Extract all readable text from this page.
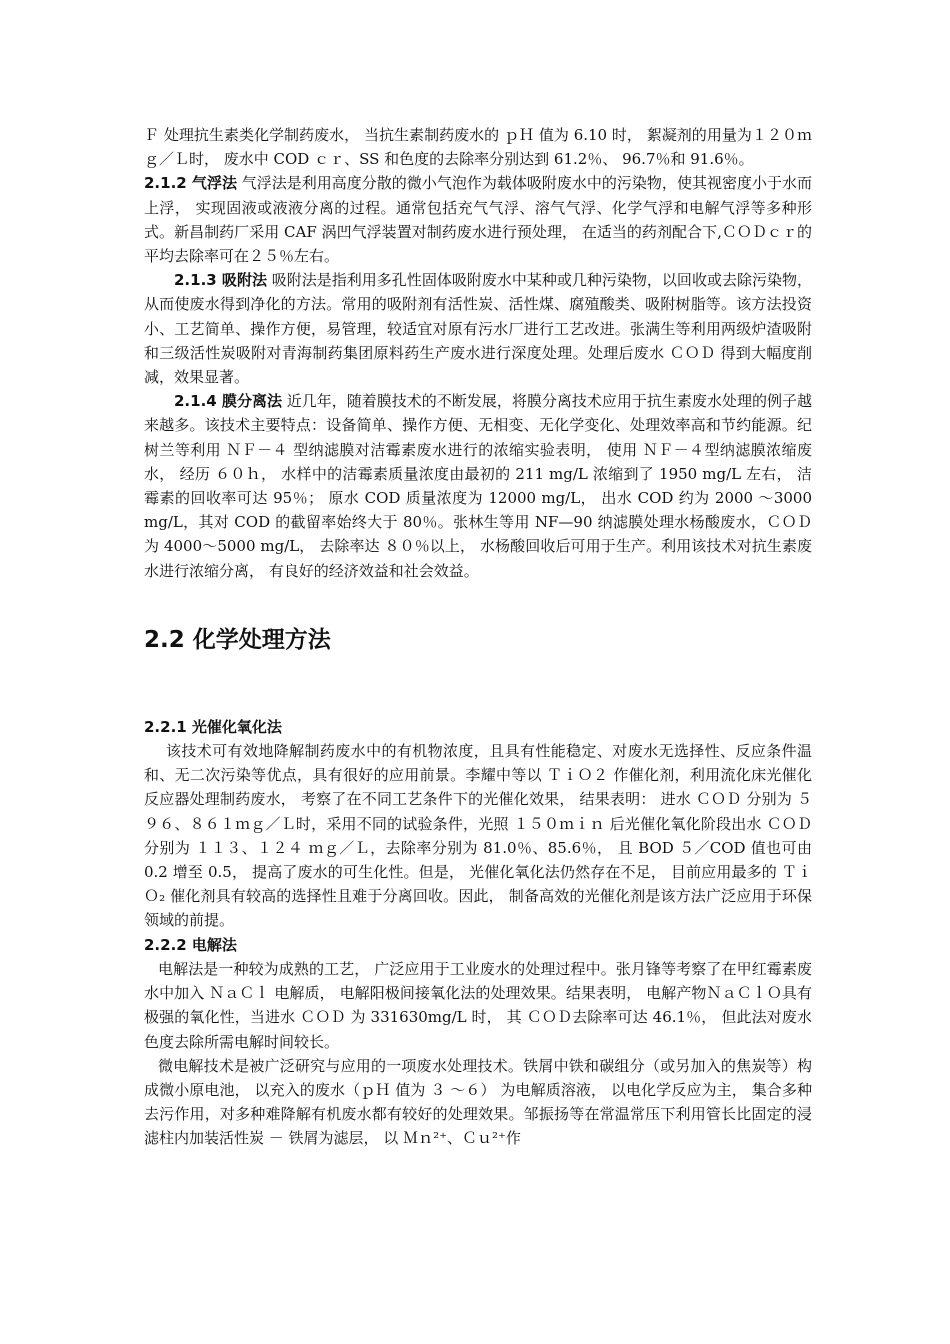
Ｆ 处理抗生素类化学制药废水， 当抗生素制药废水的 ｐＨ 值为 6.10 时， 絮凝剂的用量为１２０ｍｇ／Ｌ时， 废水中 COD ｃｒ、SS 和色度的去除率分别达到 61.2％、 96.7％和 91.6％。

2.1.2 气浮法 气浮法是利用高度分散的微小气泡作为载体吸附废水中的污染物，使其视密度小于水而上浮， 实现固液或液液分离的过程。通常包括充气气浮、溶气气浮、化学气浮和电解气浮等多种形式。新昌制药厂采用 CAF 涡凹气浮装置对制药废水进行预处理， 在适当的药剂配合下,ＣＯＤｃｒ的平均去除率可在２５％左右。

2.1.3 吸附法 吸附法是指利用多孔性固体吸附废水中某种或几种污染物，以回收或去除污染物，从而使废水得到净化的方法。常用的吸附剂有活性炭、活性煤、腐殖酸类、吸附树脂等。该方法投资小、工艺简单、操作方便，易管理，较适宜对原有污水厂进行工艺改进。张满生等利用两级炉渣吸附和三级活性炭吸附对青海制药集团原料药生产废水进行深度处理。处理后废水 ＣＯＤ 得到大幅度削减，效果显著。

2.1.4 膜分离法 近几年，随着膜技术的不断发展，将膜分离技术应用于抗生素废水处理的例子越来越多。该技术主要特点：设备简单、操作方便、无相变、无化学变化、处理效率高和节约能源。纪树兰等利用 ＮＦ－４ 型纳滤膜对洁霉素废水进行的浓缩实验表明， 使用 ＮＦ－４型纳滤膜浓缩废水， 经历 ６０ｈ， 水样中的洁霉素质量浓度由最初的 211 mg/L 浓缩到了 1950 mg/L 左右， 洁霉素的回收率可达 95％； 原水 COD 质量浓度为 12000 mg/L， 出水 COD 约为 2000 ～3000 mg/L，其对 COD 的截留率始终大于 80％。张林生等用 NF—90 纳滤膜处理水杨酸废水，ＣＯＤ为 4000～5000 mg/L， 去除率达 ８０％以上， 水杨酸回收后可用于生产。利用该技术对抗生素废水进行浓缩分离， 有良好的经济效益和社会效益。

2.2 化学处理方法
2.2.1 光催化氧化法

该技术可有效地降解制药废水中的有机物浓度，且具有性能稳定、对废水无选择性、反应条件温和、无二次污染等优点，具有很好的应用前景。李耀中等以 ＴｉＯ２ 作催化剂，利用流化床光催化反应器处理制药废水， 考察了在不同工艺条件下的光催化效果， 结果表明： 进水 ＣＯＤ 分别为 ５９６、８６１ｍｇ／Ｌ时，采用不同的试验条件，光照 １５０ｍｉｎ 后光催化氧化阶段出水 ＣＯＤ 分别为 １１３、１２４ ｍｇ／Ｌ，去除率分别为 81.0％、85.6％， 且 BOD ５／COD 值也可由 0.2 增至 0.5， 提高了废水的可生化性。但是， 光催化氧化法仍然存在不足， 目前应用最多的 ＴｉＯ₂ 催化剂具有较高的选择性且难于分离回收。因此， 制备高效的光催化剂是该方法广泛应用于环保领域的前提。

2.2.2 电解法

电解法是一种较为成熟的工艺， 广泛应用于工业废水的处理过程中。张月锋等考察了在甲红霉素废水中加入 ＮａＣｌ 电解质， 电解阳极间接氧化法的处理效果。结果表明， 电解产物ＮａＣｌＯ具有极强的氧化性，当进水 ＣＯＤ 为 331630mg/L 时， 其 ＣＯＤ去除率可达 46.1％， 但此法对废水色度去除所需电解时间较长。

微电解技术是被广泛研究与应用的一项废水处理技术。铁屑中铁和碳组分（或另加入的焦炭等）构成微小原电池， 以充入的废水（ｐＨ 值为 ３ ～６） 为电解质溶液， 以电化学反应为主， 集合多种去污作用，对多种难降解有机废水都有较好的处理效果。邹振扬等在常温常压下利用管长比固定的浸滤柱内加装活性炭 － 铁屑为滤层， 以 Ｍｎ²⁺、Ｃｕ²⁺作
